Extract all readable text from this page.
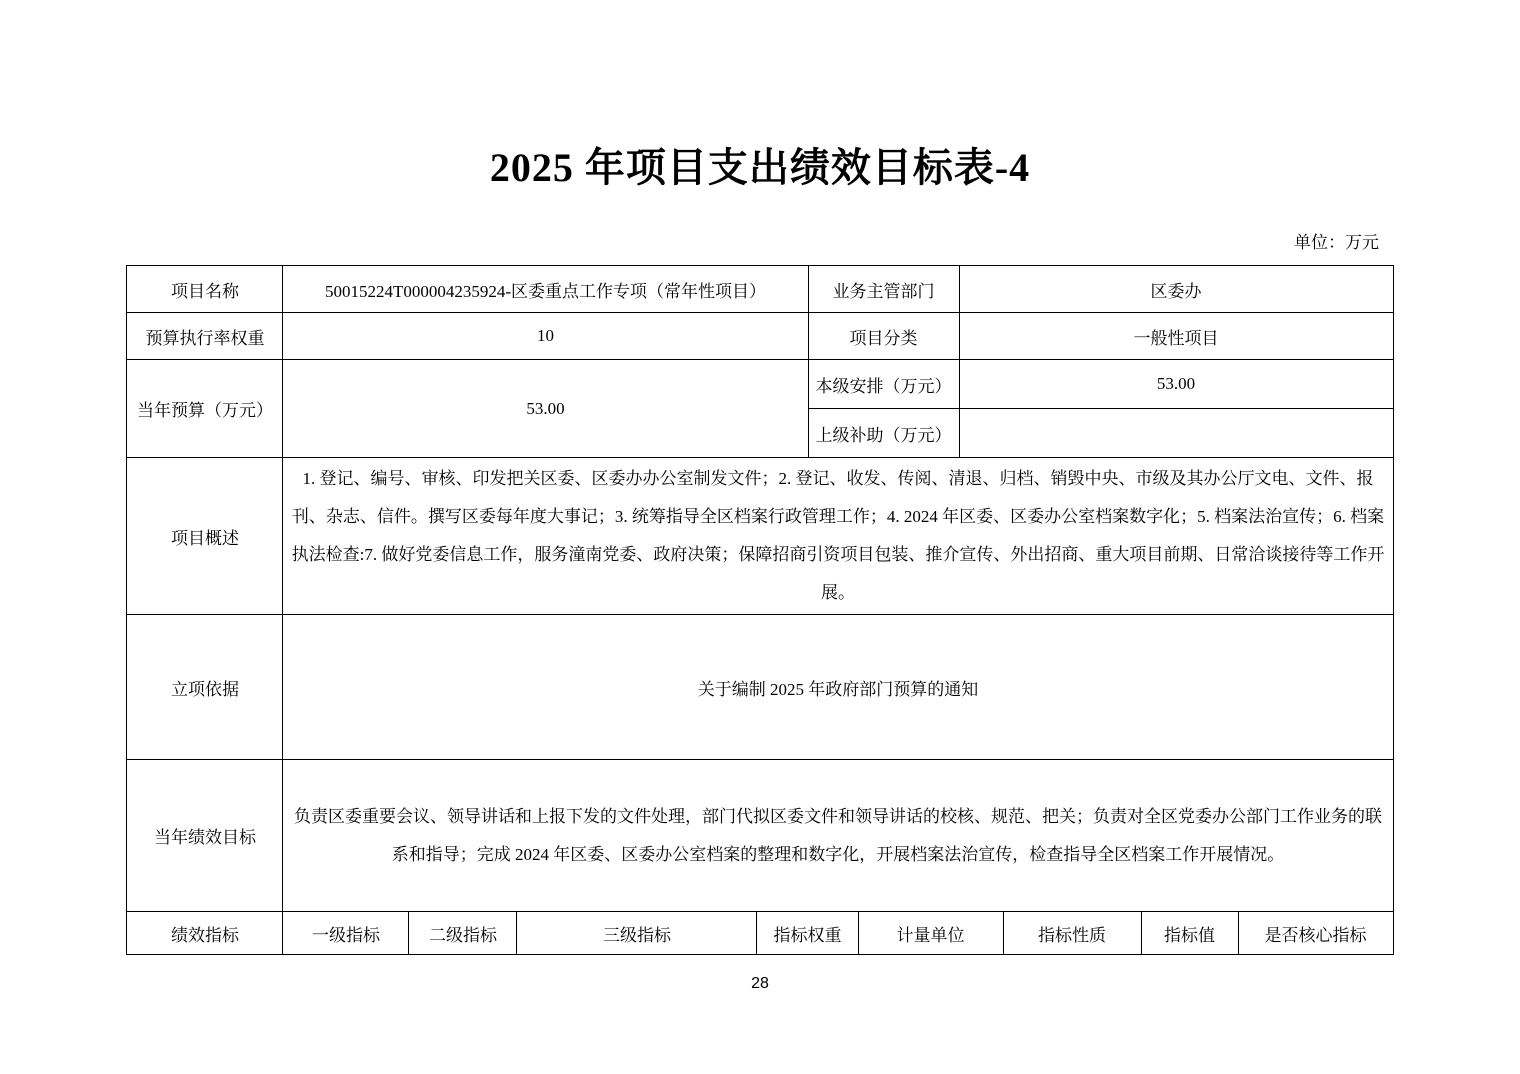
2025 年项目支出绩效目标表-4
单位：万元
项目名称	50015224T000004235924-区委重点工作专项（常年性项目）				业务主管部门		区委办			
预算执行率权重	10				项目分类		一般性项目			
当年预算（万元）	53.00				本级安排（万元）		53.00			
					上级补助（万元）					
项目概述	1. 登记、编号、审核、印发把关区委、区委办办公室制发文件；2. 登记、收发、传阅、清退、归档、销毁中央、市级及其办公厅文电、文件、报刊、杂志、信件。撰写区委每年度大事记；3. 统筹指导全区档案行政管理工作；4. 2024 年区委、区委办公室档案数字化；5. 档案法治宣传；6. 档案执法检查:7. 做好党委信息工作，服务潼南党委、政府决策；保障招商引资项目包装、推介宣传、外出招商、重大项目前期、日常洽谈接待等工作开展。									
立项依据	关于编制 2025 年政府部门预算的通知									
当年绩效目标	负责区委重要会议、领导讲话和上报下发的文件处理，部门代拟区委文件和领导讲话的校核、规范、把关；负责对全区党委办公部门工作业务的联系和指导；完成 2024 年区委、区委办公室档案的整理和数字化，开展档案法治宣传，检查指导全区档案工作开展情况。									
绩效指标	一级指标	二级指标	三级指标	指标权重		计量单位		指标性质	指标值	是否核心指标
28
